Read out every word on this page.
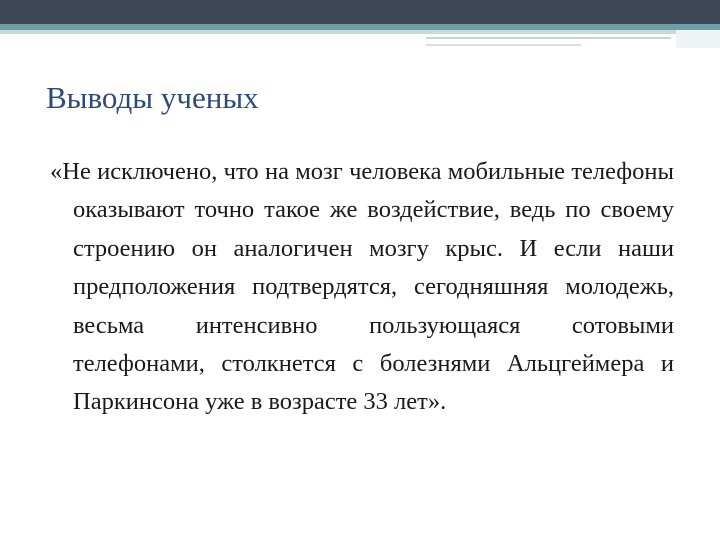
Выводы ученых

«Не исключено, что на мозг человека мобильные телефоны оказывают точно такое же воздействие, ведь по своему строению он аналогичен мозгу крыс. И если наши предположения подтвердятся, сегодняшняя молодежь, весьма интенсивно пользующаяся сотовыми телефонами, столкнется с болезнями Альцгеймера и Паркинсона уже в возрасте 33 лет».
